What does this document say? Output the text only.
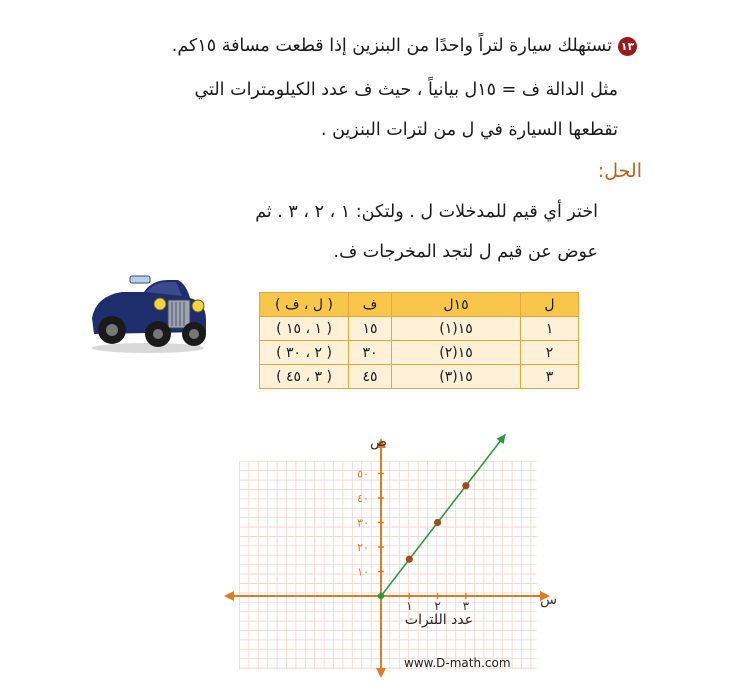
١٣تستهلك سيارة لتراً واحدًا من البنزين إذا قطعت مسافة ١٥كم.
مثل الدالة ف = ١٥ل بيانياً ، حيث ف عدد الكيلومترات التي
تقطعها السيارة في ل من لترات البنزين .
الحل:
اختر أي قيم للمدخلات ل . ولتكن: ١ ، ٢ ، ٣ . ثم
عوض عن قيم ل لتجد المخرجات ف.
ل	١٥ل	ف	( ل ، ف )
١	١٥(١)	١٥	( ١ ، ١٥ )
٢	١٥(٢)	٣٠	( ٢ ، ٣٠ )
٣	١٥(٣)	٤٥	( ٣ ، ٤٥ )
١ ٢ ٣
١٠
٢٠
٣٠
٤٠
٥٠
ص
س
عدد اللترات
www.D-math.com
